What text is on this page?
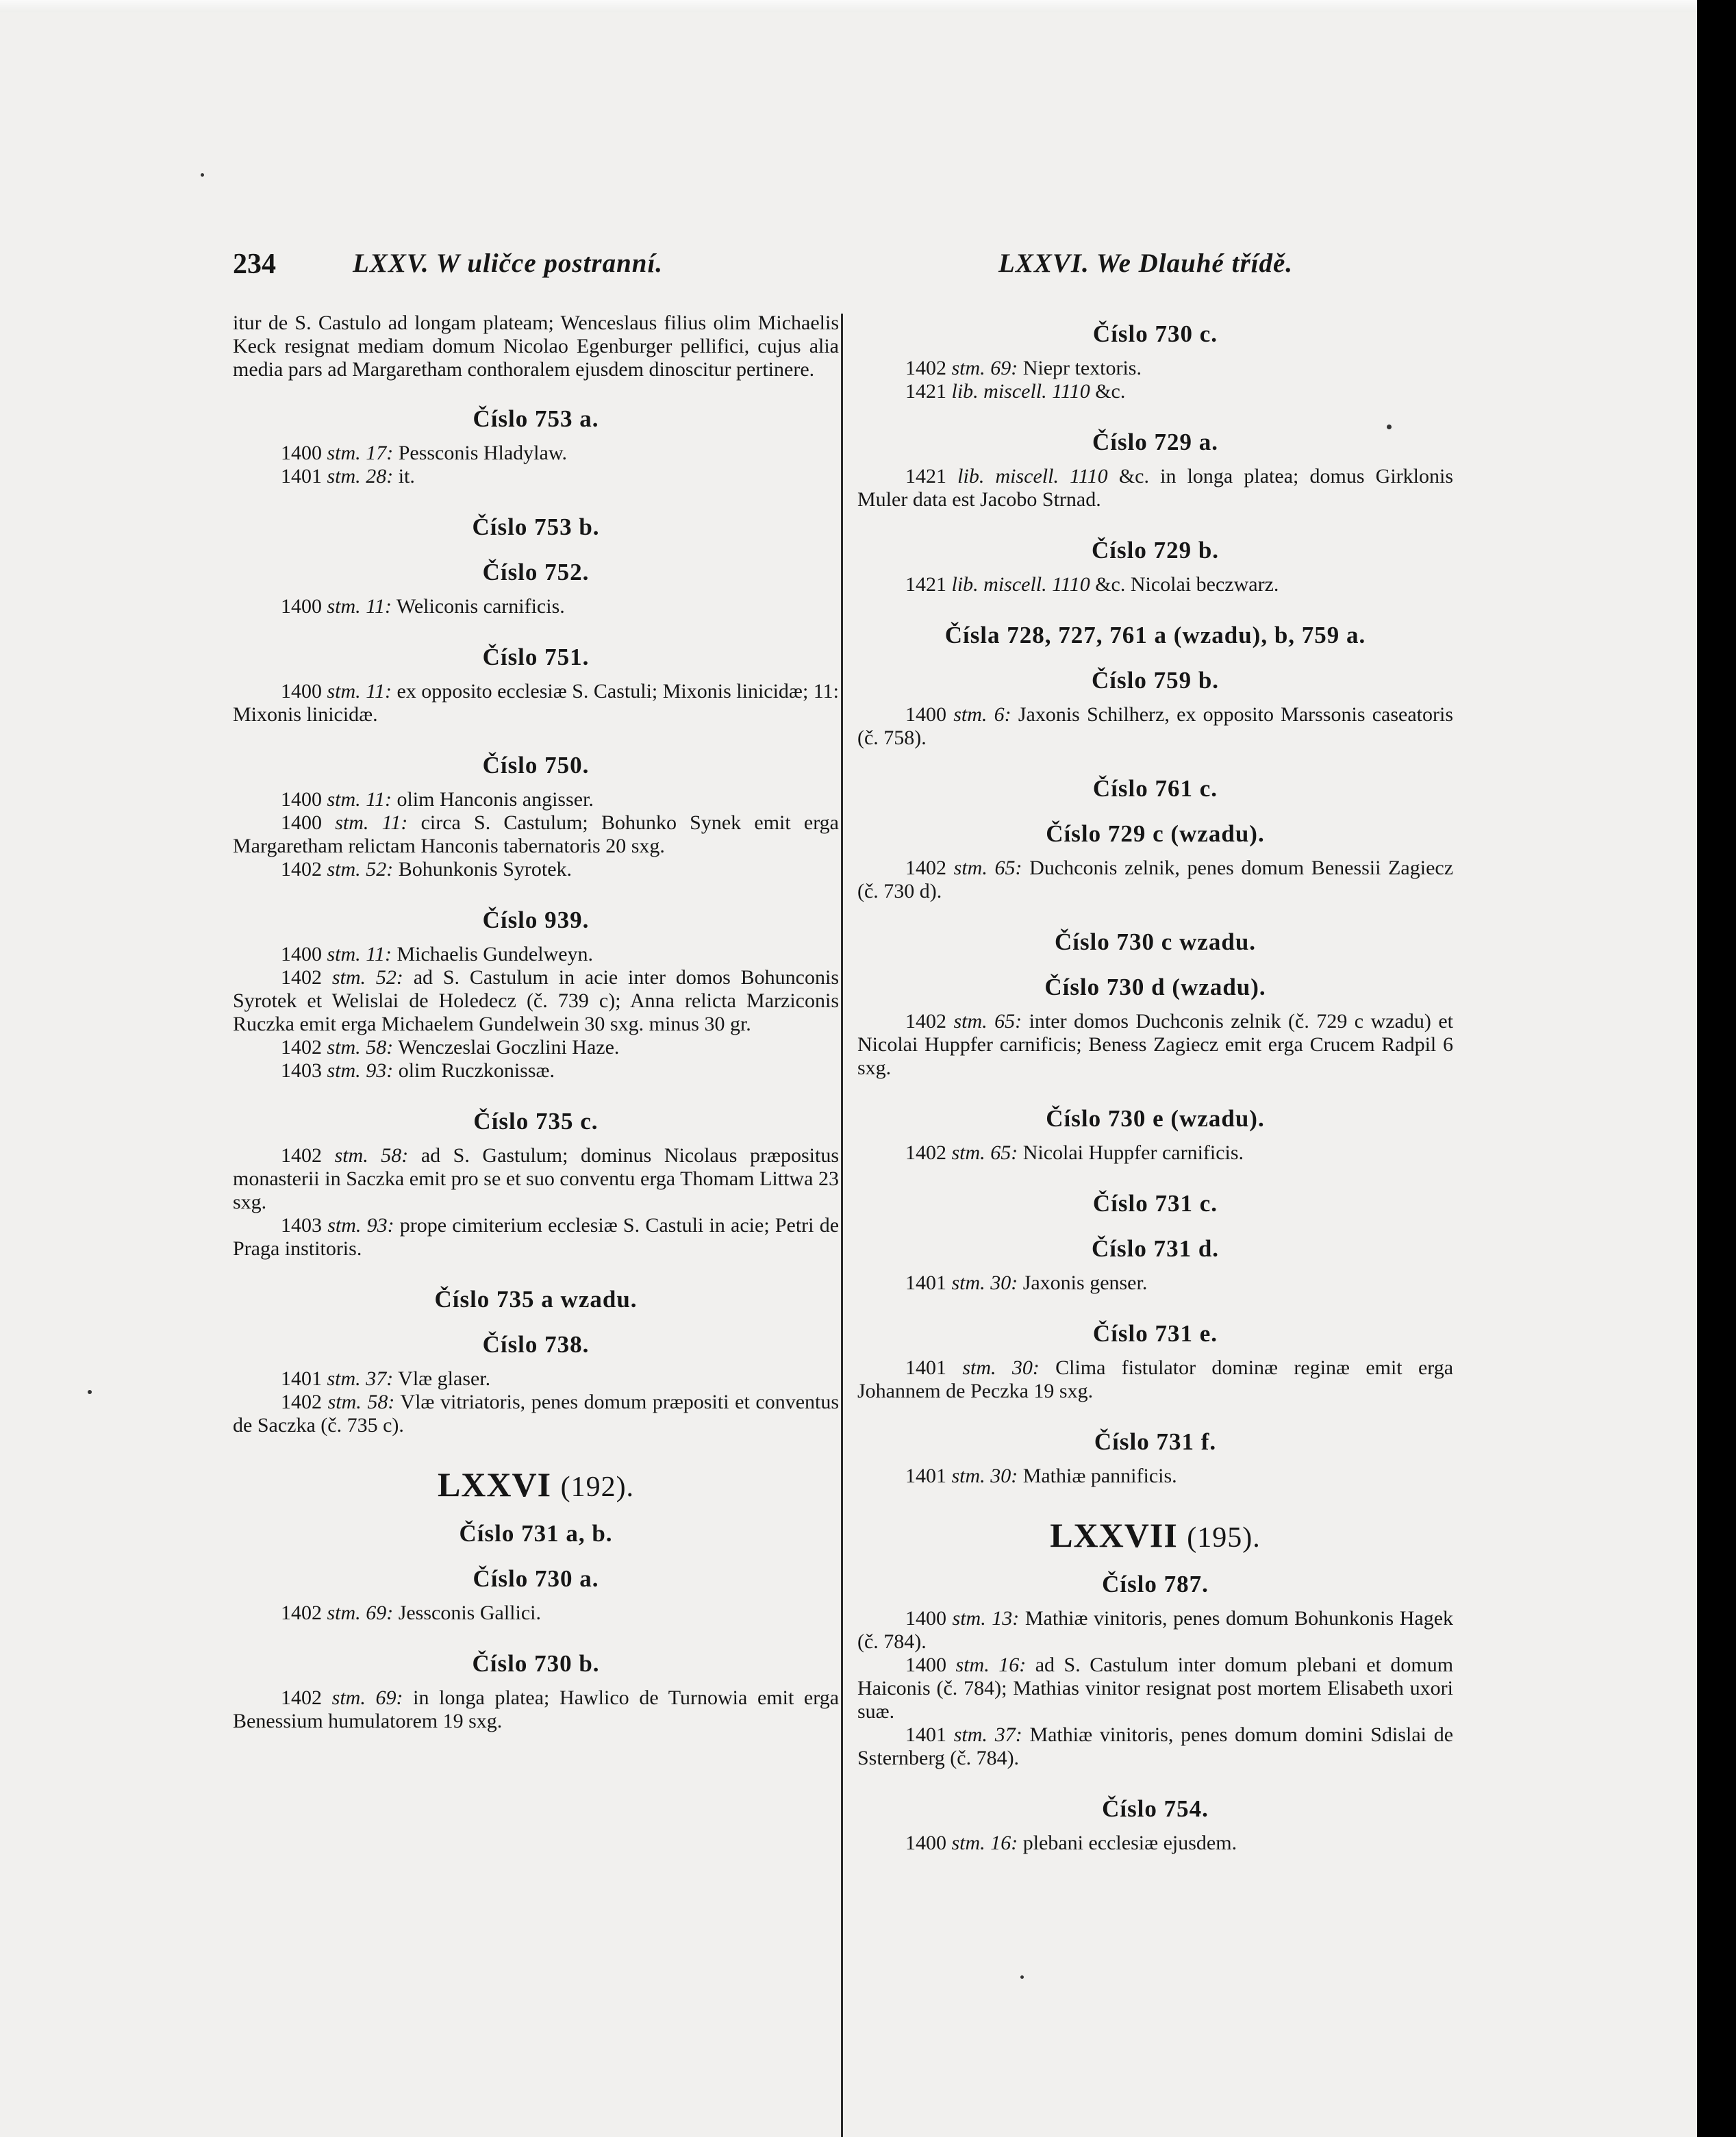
234	LXXV. W uličce postranní.	LXXVI. We Dlauhé třídě.

itur de S. Castulo ad longam plateam; Wenceslaus filius olim Michaelis Keck resignat mediam domum Nicolao Egenburger pellifici, cujus alia media pars ad Margaretham conthoralem ejusdem dinoscitur pertinere.

Číslo 753 a.

1400 stm. 17: Pessconis Hladylaw.

1401 stm. 28: it.

Číslo 753 b.
Číslo 752.

1400 stm. 11: Weliconis carnificis.

Číslo 751.

1400 stm. 11: ex opposito ecclesiæ S. Castuli; Mixonis linicidæ; 11: Mixonis linicidæ.

Číslo 750.

1400 stm. 11: olim Hanconis angisser.

1400 stm. 11: circa S. Castulum; Bohunko Synek emit erga Margaretham relictam Hanconis tabernatoris 20 sxg.

1402 stm. 52: Bohunkonis Syrotek.

Číslo 939.

1400 stm. 11: Michaelis Gundelweyn.

1402 stm. 52: ad S. Castulum in acie inter domos Bohunconis Syrotek et Welislai de Holedecz (č. 739 c); Anna relicta Marziconis Ruczka emit erga Michaelem Gundelwein 30 sxg. minus 30 gr.

1402 stm. 58: Wenczeslai Goczlini Haze.

1403 stm. 93: olim Ruczkonissæ.

Číslo 735 c.

1402 stm. 58: ad S. Gastulum; dominus Nicolaus præpositus monasterii in Saczka emit pro se et suo conventu erga Thomam Littwa 23 sxg.

1403 stm. 93: prope cimiterium ecclesiæ S. Castuli in acie; Petri de Praga institoris.

Číslo 735 a wzadu.
Číslo 738.

1401 stm. 37: Vlæ glaser.

1402 stm. 58: Vlæ vitriatoris, penes domum præpositi et conventus de Saczka (č. 735 c).

LXXVI (192).
Číslo 731 a, b.
Číslo 730 a.

1402 stm. 69: Jessconis Gallici.

Číslo 730 b.

1402 stm. 69: in longa platea; Hawlico de Turnowia emit erga Benessium humulatorem 19 sxg.

Číslo 730 c.

1402 stm. 69: Niepr textoris.

1421 lib. miscell. 1110 &c.

Číslo 729 a.

1421 lib. miscell. 1110 &c. in longa platea; domus Girklonis Muler data est Jacobo Strnad.

Číslo 729 b.

1421 lib. miscell. 1110 &c. Nicolai beczwarz.

Čísla 728, 727, 761 a (wzadu), b, 759 a.
Číslo 759 b.

1400 stm. 6: Jaxonis Schilherz, ex opposito Marssonis caseatoris (č. 758).

Číslo 761 c.
Číslo 729 c (wzadu).

1402 stm. 65: Duchconis zelnik, penes domum Benessii Zagiecz (č. 730 d).

Číslo 730 c wzadu.
Číslo 730 d (wzadu).

1402 stm. 65: inter domos Duchconis zelnik (č. 729 c wzadu) et Nicolai Huppfer carnificis; Beness Zagiecz emit erga Crucem Radpil 6 sxg.

Číslo 730 e (wzadu).

1402 stm. 65: Nicolai Huppfer carnificis.

Číslo 731 c.
Číslo 731 d.

1401 stm. 30: Jaxonis genser.

Číslo 731 e.

1401 stm. 30: Clima fistulator dominæ reginæ emit erga Johannem de Peczka 19 sxg.

Číslo 731 f.

1401 stm. 30: Mathiæ pannificis.

LXXVII (195).
Číslo 787.

1400 stm. 13: Mathiæ vinitoris, penes domum Bohunkonis Hagek (č. 784).

1400 stm. 16: ad S. Castulum inter domum plebani et domum Haiconis (č. 784); Mathias vinitor resignat post mortem Elisabeth uxori suæ.

1401 stm. 37: Mathiæ vinitoris, penes domum domini Sdislai de Ssternberg (č. 784).

Číslo 754.

1400 stm. 16: plebani ecclesiæ ejusdem.
